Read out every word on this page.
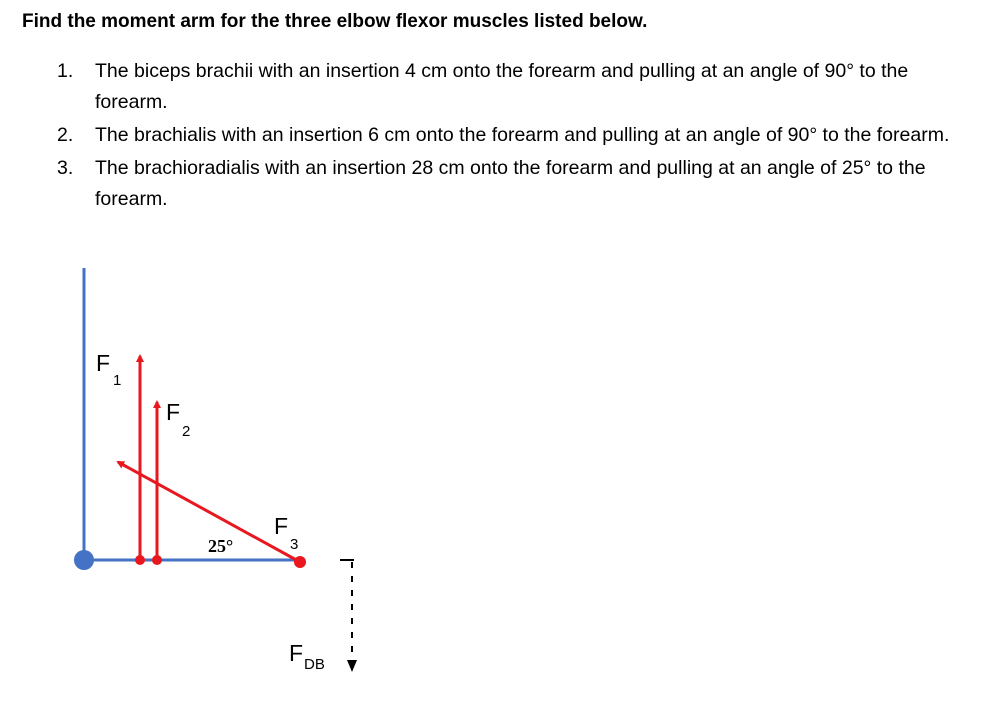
Find the moment arm for the three elbow flexor muscles listed below.

1. The biceps brachii with an insertion 4 cm onto the forearm and pulling at an angle of 90° to the forearm.
2. The brachialis with an insertion 6 cm onto the forearm and pulling at an angle of 90° to the forearm.
3. The brachioradialis with an insertion 28 cm onto the forearm and pulling at an angle of 25° to the forearm.
F
1
F
2
F
3
25°
F DB
